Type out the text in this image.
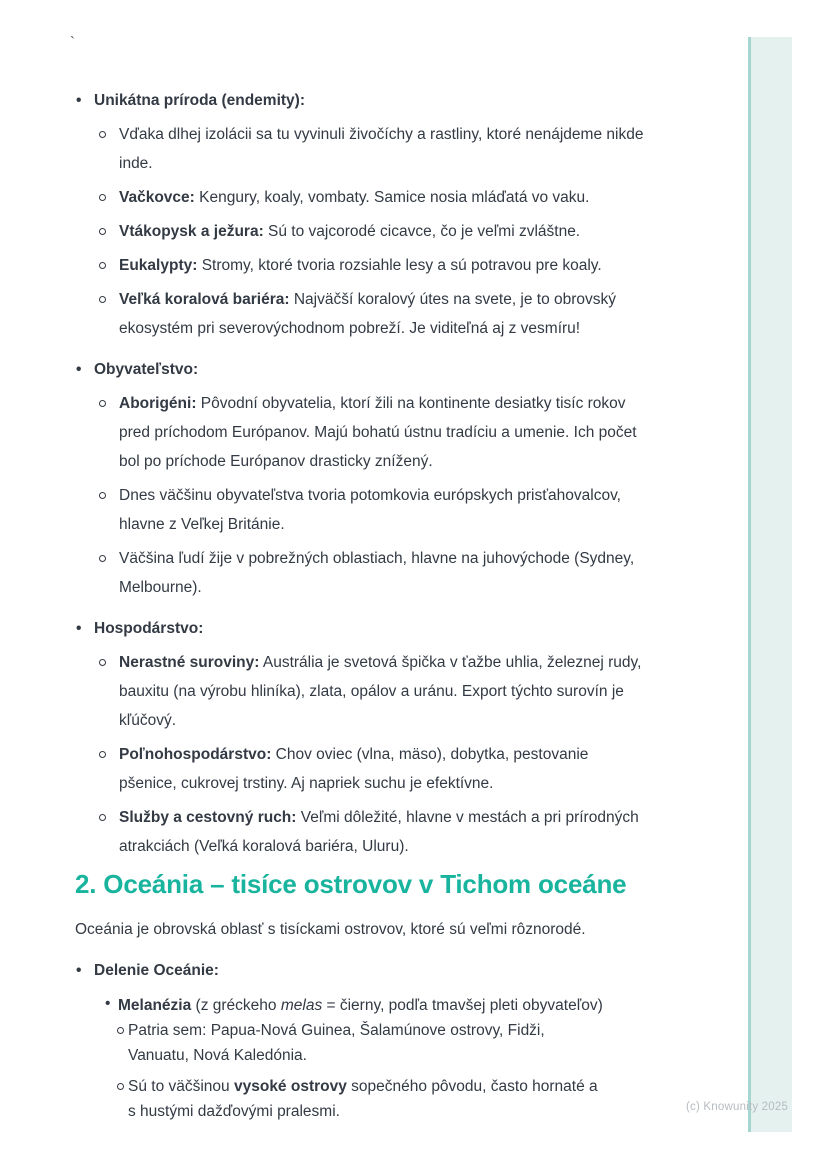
`
(c) Knowunity 2025
•
Unikátna príroda (endemity):
Vďaka dlhej izolácii sa tu vyvinuli živočíchy a rastliny, ktoré nenájdeme nikde inde.
Vačkovce: Kengury, koaly, vombaty. Samice nosia mláďatá vo vaku.
Vtákopysk a ježura: Sú to vajcorodé cicavce, čo je veľmi zvláštne.
Eukalypty: Stromy, ktoré tvoria rozsiahle lesy a sú potravou pre koaly.
Veľká koralová bariéra: Najväčší koralový útes na svete, je to obrovský ekosystém pri severovýchodnom pobreží. Je viditeľná aj z vesmíru!
•
Obyvateľstvo:
Aborigéni: Pôvodní obyvatelia, ktorí žili na kontinente desiatky tisíc rokov pred príchodom Európanov. Majú bohatú ústnu tradíciu a umenie. Ich počet bol po príchode Európanov drasticky znížený.
Dnes väčšinu obyvateľstva tvoria potomkovia európskych prisťahovalcov, hlavne z Veľkej Británie.
Väčšina ľudí žije v pobrežných oblastiach, hlavne na juhovýchode (Sydney, Melbourne).
•
Hospodárstvo:
Nerastné suroviny: Austrália je svetová špička v ťažbe uhlia, železnej rudy, bauxitu (na výrobu hliníka), zlata, opálov a uránu. Export týchto surovín je kľúčový.
Poľnohospodárstvo: Chov oviec (vlna, mäso), dobytka, pestovanie pšenice, cukrovej trstiny. Aj napriek suchu je efektívne.
Služby a cestovný ruch: Veľmi dôležité, hlavne v mestách a pri prírodných atrakciách (Veľká koralová bariéra, Uluru).
2. Oceánia – tisíce ostrovov v Tichom oceáne

Oceánia je obrovská oblasť s tisíckami ostrovov, ktoré sú veľmi rôznorodé.

•
Delenie Oceánie:
•
Melanézia (z gréckeho melas = čierny, podľa tmavšej pleti obyvateľov)
Patria sem: Papua-Nová Guinea, Šalamúnove ostrovy, Fidži, Vanuatu, Nová Kaledónia.
Sú to väčšinou vysoké ostrovy sopečného pôvodu, často hornaté a s hustými dažďovými pralesmi.
